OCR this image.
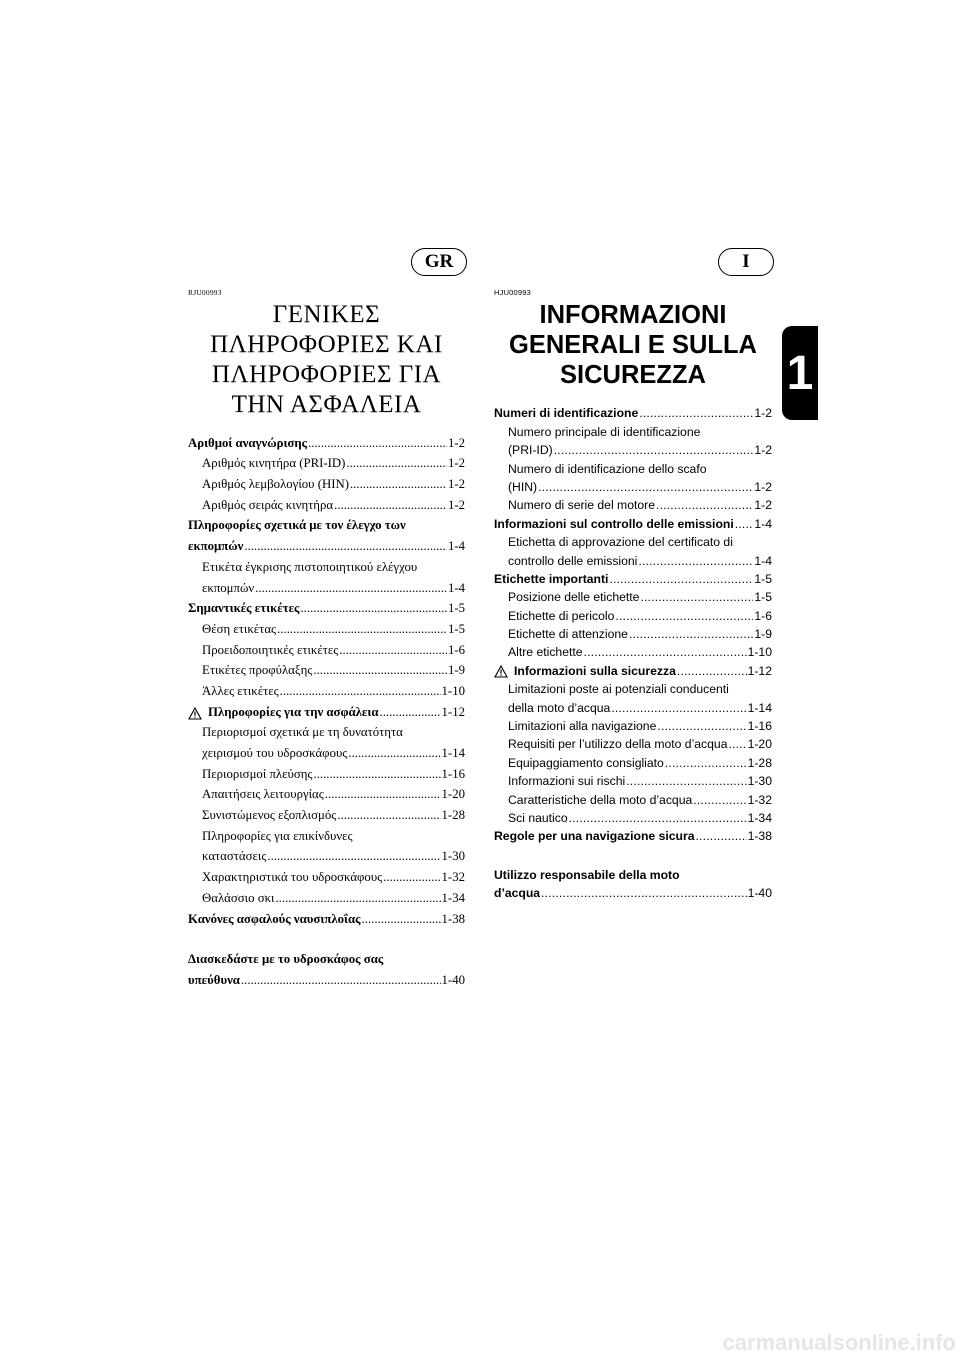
GR	I
RJU00993	HJU00993
ΓΕΝΙΚΕΣ
ΠΛΗΡΟΦΟΡΙΕΣ ΚΑΙ
ΠΛΗΡΟΦΟΡΙΕΣ ΓΙΑ
ΤΗΝ ΑΣΦΑΛΕΙΑ
Αριθμοί αναγνώρισης . . .	1-2
Αριθμός κινητήρα (PRI-ID) . . .	1-2
Αριθμός λεμβολογίου (HIN) . . .	1-2
Αριθμός σειράς κινητήρα . . .	1-2
Πληροφορίες σχετικά με τον έλεγχο των
εκπομπών . . .	1-4
Ετικέτα έγκρισης πιστοποιητικού ελέγχου
εκπομπών . . .	1-4
Σημαντικές ετικέτες . . .	1-5
Θέση ετικέτας . . .	1-5
Προειδοποιητικές ετικέτες . . .	1-6
Ετικέτες προφύλαξης . . .	1-9
Άλλες ετικέτες . . .	1-10
Πληροφορίες για την ασφάλεια . . .	1-12
Περιορισμοί σχετικά με τη δυνατότητα
χειρισμού του υδροσκάφους . . .	1-14
Περιορισμοί πλεύσης . . .	1-16
Απαιτήσεις λειτουργίας . . .	1-20
Συνιστώμενος εξοπλισμός . . .	1-28
Πληροφορίες για επικίνδυνες
καταστάσεις . . .	1-30
Χαρακτηριστικά του υδροσκάφους . . .	1-32
Θαλάσσιο σκι . . .	1-34
Κανόνες ασφαλούς ναυσιπλοΐας . . .	1-38
Διασκεδάστε με το υδροσκάφος σας
υπεύθυνα . . .	1-40
INFORMAZIONI
GENERALI E SULLA
SICUREZZA
Numeri di identificazione . . .	1-2
Numero principale di identificazione
(PRI-ID) . . .	1-2
Numero di identificazione dello scafo
(HIN) . . .	1-2
Numero di serie del motore . . .	1-2
Informazioni sul controllo delle emissioni . . . 1-4
Etichetta di approvazione del certificato di
controllo delle emissioni . . .	1-4
Etichette importanti . . .	1-5
Posizione delle etichette . . .	1-5
Etichette di pericolo . . .	1-6
Etichette di attenzione . . .	1-9
Altre etichette . . .	1-10
Informazioni sulla sicurezza . . .	1-12
Limitazioni poste ai potenziali conducenti
della moto d’acqua . . .	1-14
Limitazioni alla navigazione . . .	1-16
Requisiti per l’utilizzo della moto d’acqua . . . 1-20
Equipaggiamento consigliato . . .	1-28
Informazioni sui rischi . . .	1-30
Caratteristiche della moto d’acqua . . .	1-32
Sci nautico . . .	1-34
Regole per una navigazione sicura . . .	1-38
Utilizzo responsabile della moto
d’acqua . . .	1-40
1
carmanualsonline.info
